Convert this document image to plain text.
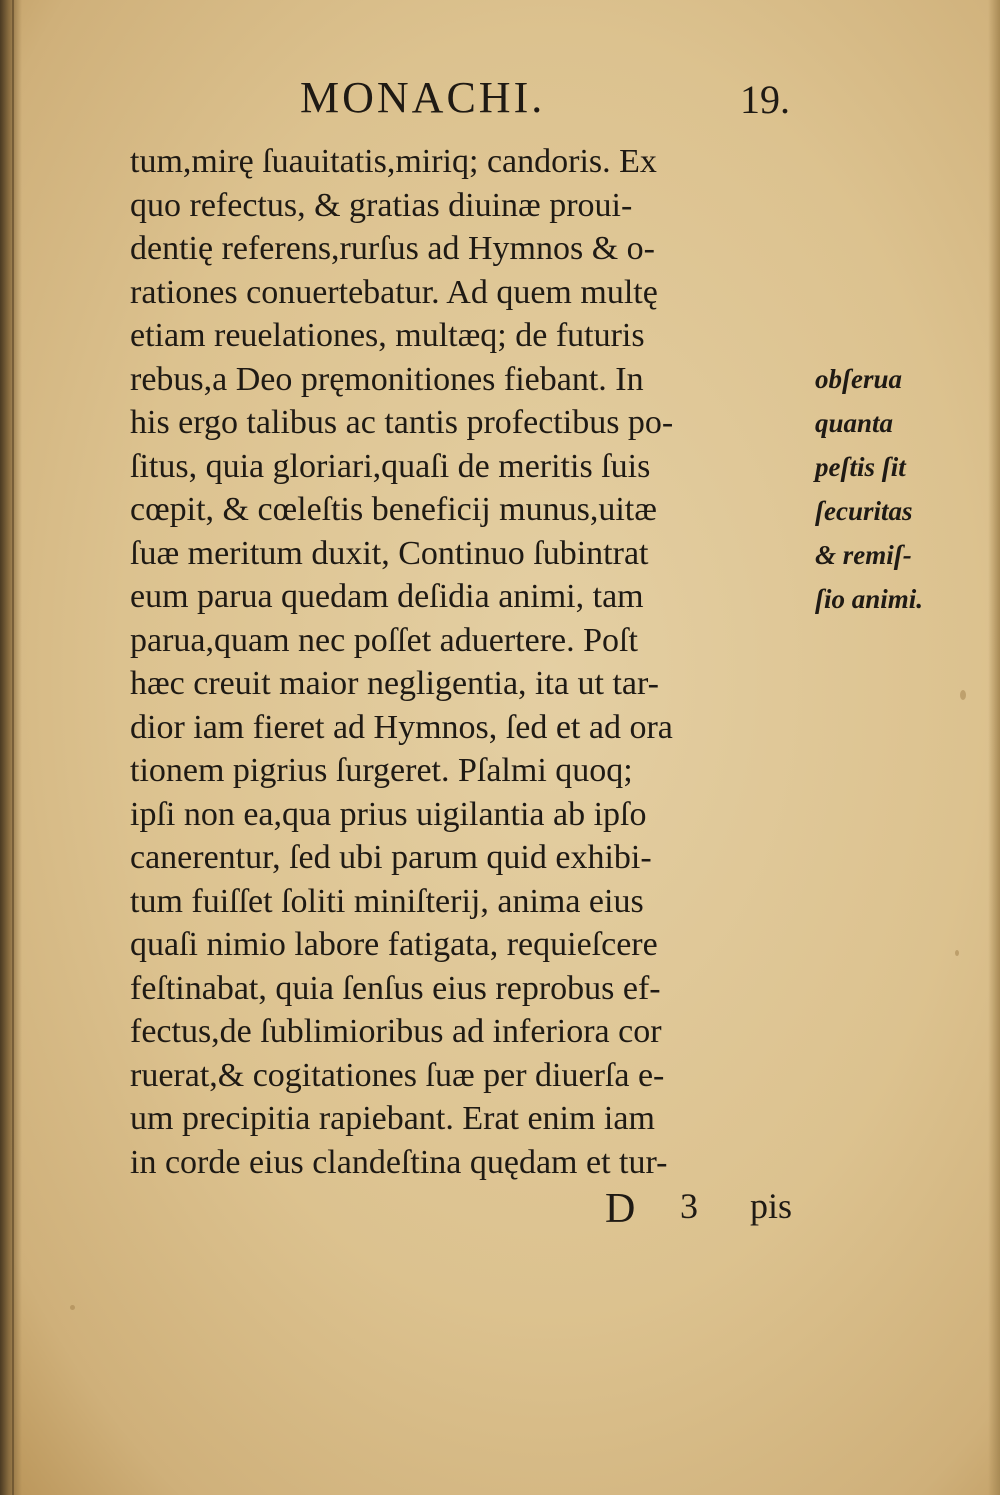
MONACHI.	19.
tum,mirę ſuauitatis,miriq; candoris. Ex
quo refectus, & gratias diuinæ proui-
dentię referens,rurſus ad Hymnos & o-
rationes conuertebatur. Ad quem multę
etiam reuelationes, multæq; de futuris
rebus,a Deo pręmonitiones fiebant. In
his ergo talibus ac tantis profectibus po-
ſitus, quia gloriari,quaſi de meritis ſuis
cœpit, & cœleſtis beneficij munus,uitæ
ſuæ meritum duxit, Continuo ſubintrat
eum parua quedam deſidia animi, tam
parua,quam nec poſſet aduertere. Poſt
hæc creuit maior negligentia, ita ut tar-
dior iam fieret ad Hymnos, ſed et ad ora
tionem pigrius ſurgeret. Pſalmi quoq;
ipſi non ea,qua prius uigilantia ab ipſo
canerentur, ſed ubi parum quid exhibi-
tum fuiſſet ſoliti miniſterij, anima eius
quaſi nimio labore fatigata, requieſcere
feſtinabat, quia ſenſus eius reprobus ef-
fectus,de ſublimioribus ad inferiora cor
ruerat,& cogitationes ſuæ per diuerſa e-
um precipitia rapiebant. Erat enim iam
in corde eius clandeſtina quędam et tur-
obſerua
quanta
peſtis ſit
ſecuritas
& remiſ-
ſio animi.
D 3 pis
